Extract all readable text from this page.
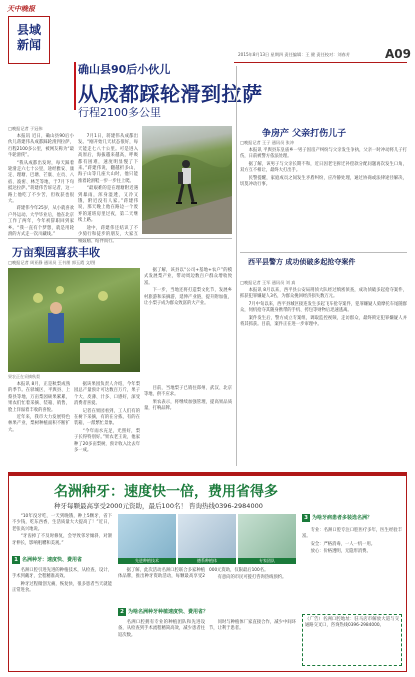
天中晚报
县域
新闻
2015年8月13日 星期四 责任编辑：王 健 责任校对：刘春芳	A09
确山县90后小伙儿
从成都踩轮滑到拉萨
行程2100多公里
□晚报记者 于冠伟

本报讯 近日，确山县90后小伙儿蒋建伟从成都踩轮滑到拉萨，行程2100多公里，被网友称为“最牛轮滑侠”。

“我从成都出发时，每天踩着轮滑走六七十公里，途经雅安、康定、理塘、巴塘、芒康、左贡、八宿、波密、林芝等地，于7月下旬抵达拉萨。”蒋建伟告诉记者，这一路上他吃了不少苦，但收获也很大。

蒋建伟今年25岁，从小就喜欢户外运动。大学毕业后，他在北京工作了两年，今年初辞职回到家乡。“我一直有个梦想，就是用轮滑的方式走一次川藏线。”

7月1日，蒋建伟从成都出发。“刚开始几天状态很好，每天能走七八十公里。可是进入高原后，海拔越来越高，呼吸都有困难，速度明显慢了下来。”蒋建伟说，翻越折多山、海子山等几座大山时，他只能推着轮滑鞋一步一步往上爬。

“最艰难的是在理塘附近遇到暴雨，浑身湿透，又冷又饿，附近没有人家。”蒋建伟说，那天晚上他在路边一个废弃的道班房里过夜，第二天继续上路。

途中，蒋建伟还结识了不少骑行和徒步的朋友，大家互相鼓励、结伴而行。

争房产 父亲打伤儿子
□晚报记者 王子 通讯员 张冲

本报讯 平舆县东皇庙乡一男子因房产纠纷与父亲发生争执，父亲一时冲动将儿子打伤，日前被警方依法处理。

据了解，该男子与父亲长期不和，近日因老宅拆迁补偿款分配问题再次发生口角，双方互不相让，最终大打出手。

民警提醒，家庭成员之间发生矛盾纠纷，应冷静处理，通过协商或法律途径解决，切莫冲动行事。

西平县警方 成功侦破多起抢夺案件
□晚报记者 王军 通讯员 刘 真

本报讯 8月以来，西平县公安局刑侦大队经过缜密侦查，成功侦破多起抢夺案件，抓获犯罪嫌疑人3名，为群众挽回经济损失数万元。

7月中旬以来，西平县城区接连发生多起飞车抢夺案件，犯罪嫌疑人骑摩托车尾随群众，伺机抢夺其随身携带的手机、挎包等财物后迅速逃离。

案件发生后，警方成立专案组，调取监控视频，走访群众，最终锁定犯罪嫌疑人并将其抓获。目前，案件正在进一步审理中。

万亩梨园喜获丰收
□晚报记者 周亚静 通讯员 王书朋 郭玉霞 文/图
果农正在采摘秋梨

本报讯 8月，正是秋梨成熟的季节。在驿城区、平舆县、上蔡县等地，万亩梨园硕果累累，果农们忙着采摘、装箱、销售，脸上洋溢着丰收的喜悦。

近年来，我市大力发展特色林果产业，梨树种植面积不断扩大。

据该果园负责人介绍，今年梨园总产量预计可达数百万斤，果子个大、皮薄、汁多、口感好，深受消费者喜爱。

记者在果园看到，工人们有的在树下采摘，有的在分拣，有的在装箱，一派繁忙景象。

“今年雨水充足，光照好，梨子长得特别好。”果农老王说，他家种了20多亩梨树，预计收入比去年多一成。

据了解，该县以“公司+基地+农户”的模式发展梨产业，带动周边数百户群众增收致富。

下一步，当地还将打造梨文化节，发展乡村旅游和采摘游，延伸产业链，提升附加值，让小梨子成为群众致富的大产业。

目前，当地梨子已销往郑州、武汉、北京等地，供不应求。

果农表示，将继续加强管理，提高果品质量，打响品牌。

名洲种牙：速度快一倍，费用省得多
种牙每颗最高享受2000元资助，最后100名！ 咨询热线0396-2984000

“10年没牙吃，一天到晚饿，种上5颗牙，省下不少钱，吃东西香，生活质量大大提高了！”近日，老张高兴地说。

“牙齿掉了不及时修复，会导致邻牙倾斜、对颌牙伸长，影响咀嚼和美观。”

1 名洲种牙：速度快、费用省

名洲口腔引进先进的种植技术，从检查、设计、手术到戴牙，全程精准高效。

种牙过程微创无痛，恢复快，很多患者当天就能正常进食。

先进种植技术	德系种植体	专家团队

据了解，此次活动名洲口腔联合多家种植体品牌，推出种牙资助活动，每颗最高享受2000元资助，仅限最后100名。

有意向的市民可拨打咨询热线预约。

2 为啥名洲种牙种植速度快、费用省？

名洲口腔拥有专业的种植团队和先进设备，从检查到手术流程精简高效，减少患者往返次数。

同时与种植体厂家直接合作，减少中间环节，让利于患者。

3 为啥牙病患者多装选名洲？

专业：名洲口腔专注口腔医疗多年，医生经验丰富。

安全：严格消毒，一人一机一用。

放心：价格透明，无隐形消费。

（广告）名洲口腔地址：驻马店市解放大道与交通路交叉口，咨询热线0396-2984000。
